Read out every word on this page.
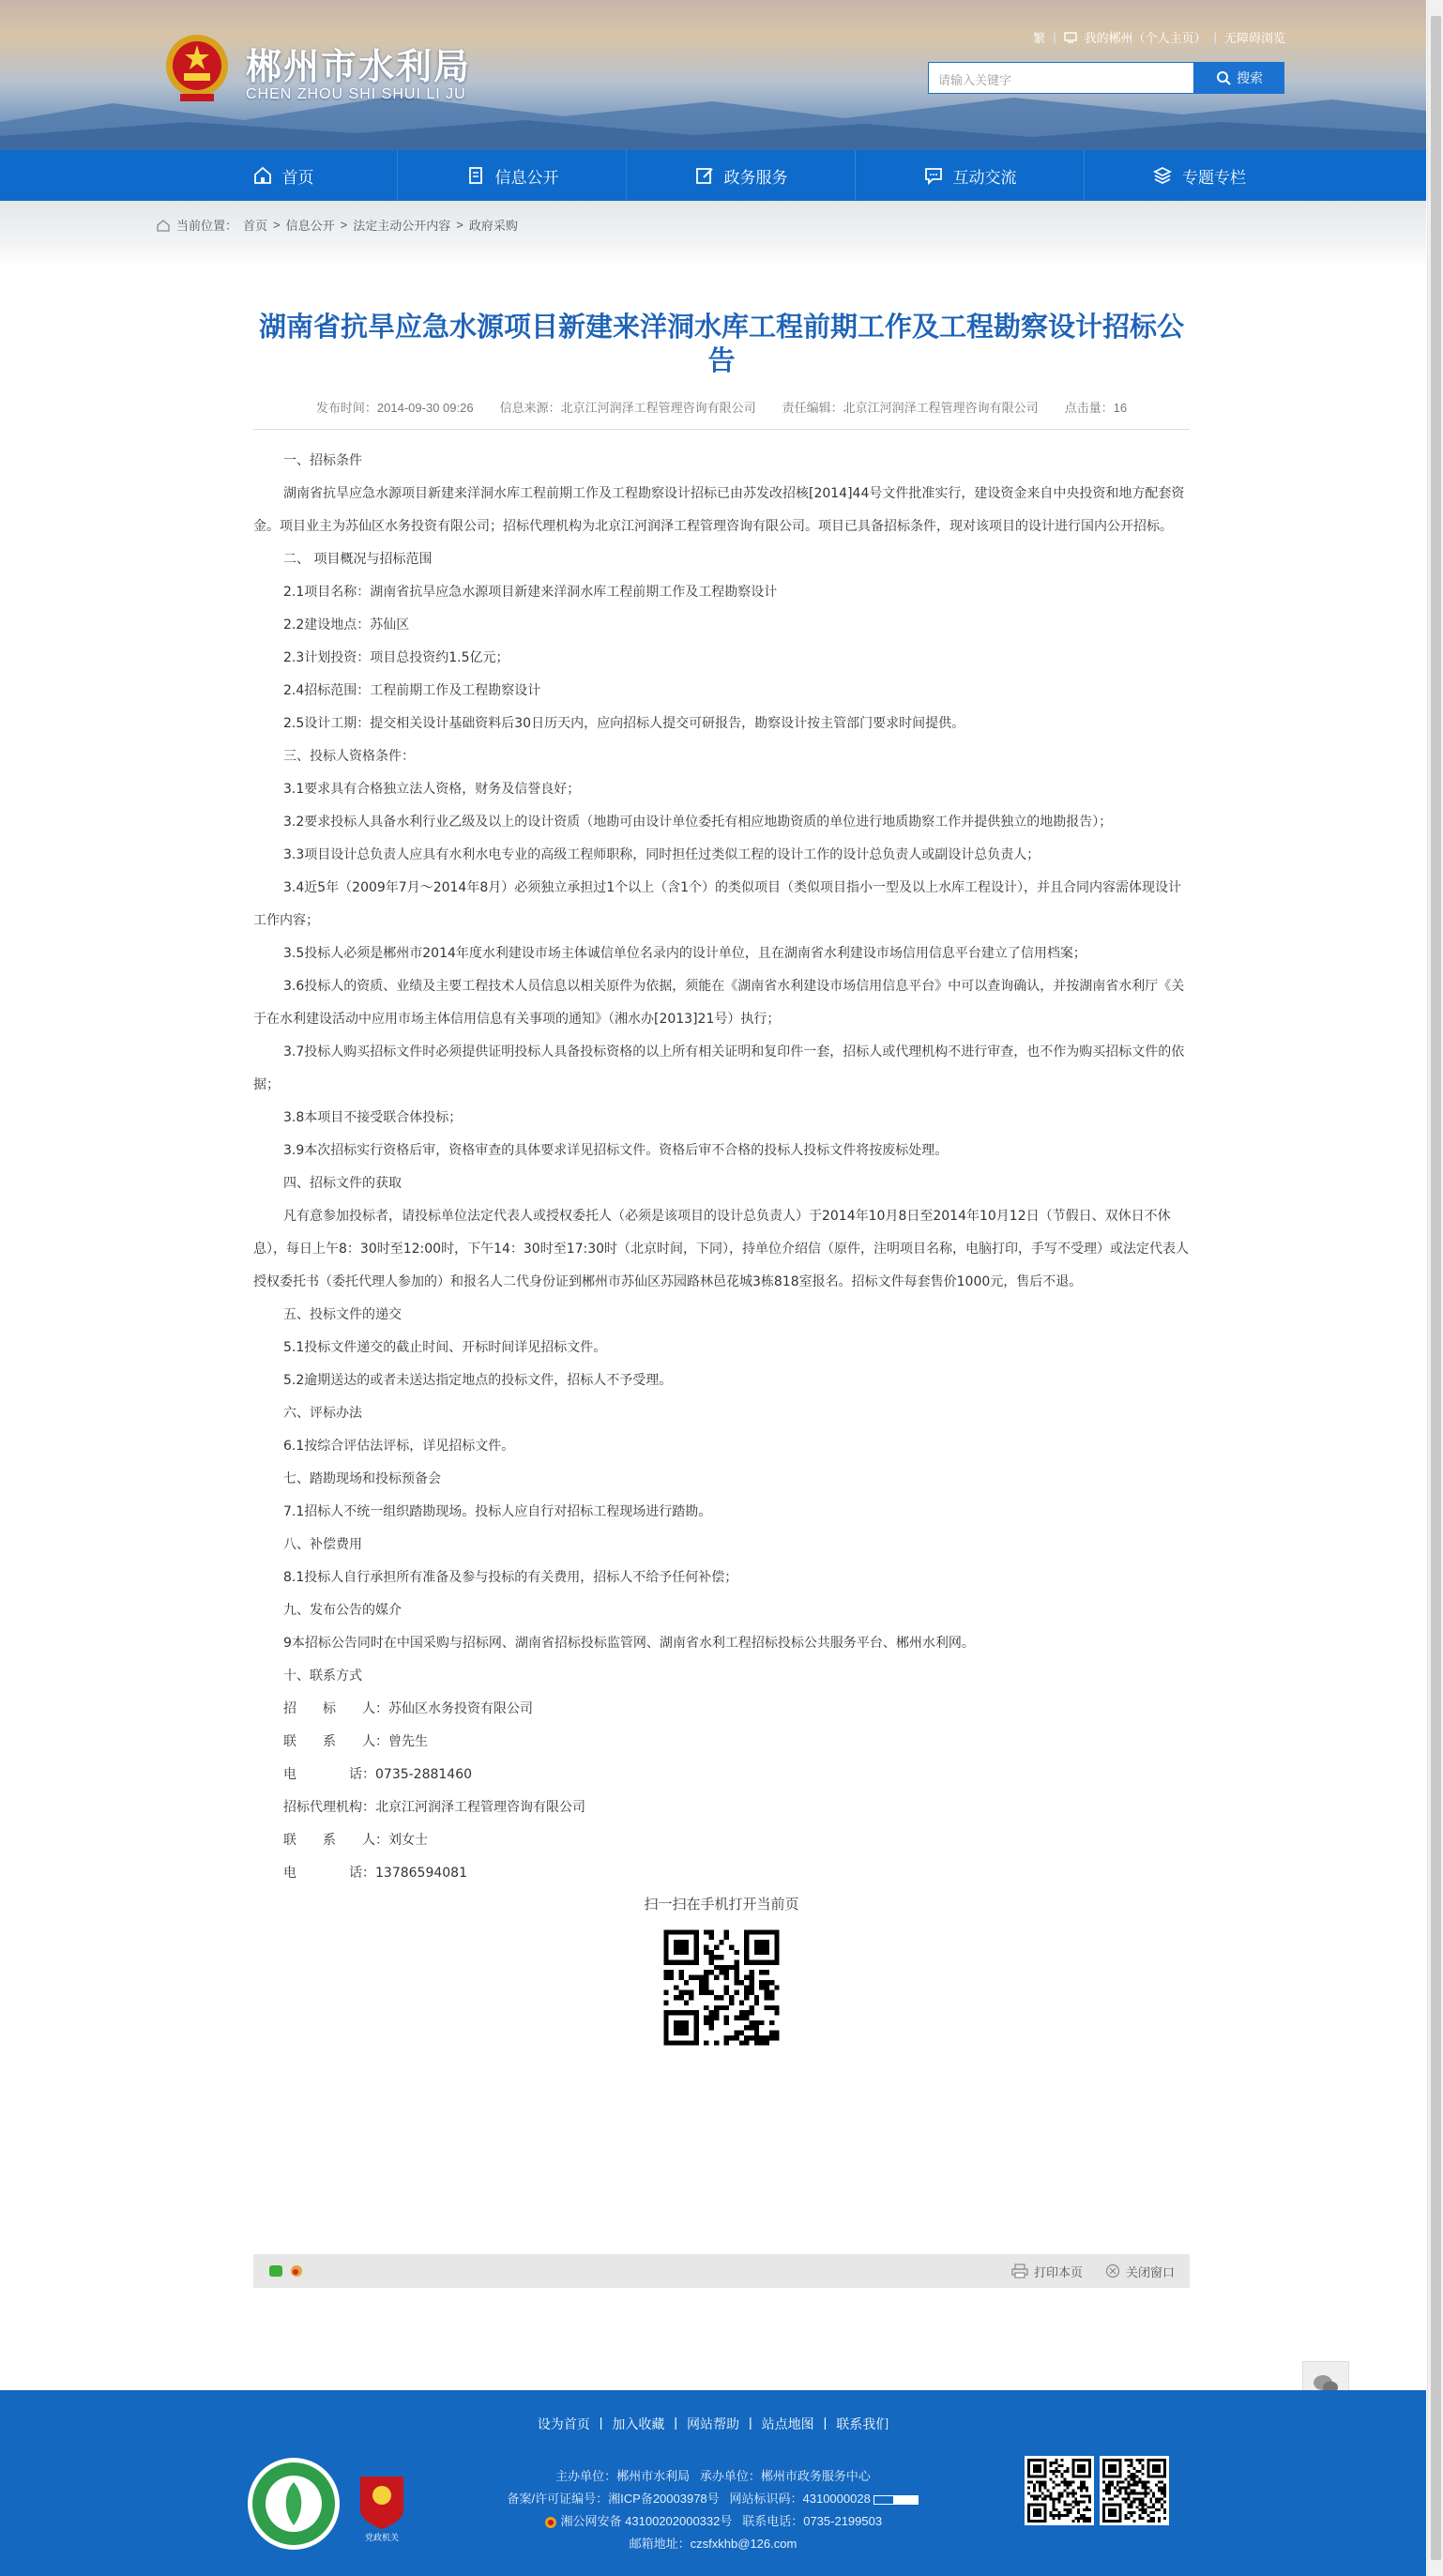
郴州市水利局
CHEN ZHOU SHI SHUI LI JU
繁 | 我的郴州（个人主页） | 无障碍浏览
请输入关键字	搜索
首页	信息公开	政务服务	互动交流	专题专栏
当前位置： 首页 > 信息公开 > 法定主动公开内容 > 政府采购
湖南省抗旱应急水源项目新建来洋洞水库工程前期工作及工程勘察设计招标公告
发布时间：2014-09-30 09:26 信息来源：北京江河润泽工程管理咨询有限公司 责任编辑：北京江河润泽工程管理咨询有限公司 点击量：16

一、招标条件

湖南省抗旱应急水源项目新建来洋洞水库工程前期工作及工程勘察设计招标已由苏发改招核[2014]44号文件批准实行，建设资金来自中央投资和地方配套资金。项目业主为苏仙区水务投资有限公司；招标代理机构为北京江河润泽工程管理咨询有限公司。项目已具备招标条件，现对该项目的设计进行国内公开招标。

二、 项目概况与招标范围

2.1项目名称：湖南省抗旱应急水源项目新建来洋洞水库工程前期工作及工程勘察设计

2.2建设地点：苏仙区

2.3计划投资：项目总投资约1.5亿元；

2.4招标范围：工程前期工作及工程勘察设计

2.5设计工期：提交相关设计基础资料后30日历天内，应向招标人提交可研报告，勘察设计按主管部门要求时间提供。

三、投标人资格条件：

3.1要求具有合格独立法人资格，财务及信誉良好；

3.2要求投标人具备水利行业乙级及以上的设计资质（地勘可由设计单位委托有相应地勘资质的单位进行地质勘察工作并提供独立的地勘报告）；

3.3项目设计总负责人应具有水利水电专业的高级工程师职称，同时担任过类似工程的设计工作的设计总负责人或副设计总负责人；

3.4近5年（2009年7月～2014年8月）必须独立承担过1个以上（含1个）的类似项目（类似项目指小一型及以上水库工程设计），并且合同内容需体现设计工作内容；

3.5投标人必须是郴州市2014年度水利建设市场主体诚信单位名录内的设计单位，且在湖南省水利建设市场信用信息平台建立了信用档案；

3.6投标人的资质、业绩及主要工程技术人员信息以相关原件为依据，须能在《湖南省水利建设市场信用信息平台》中可以查询确认，并按湖南省水利厅《关于在水利建设活动中应用市场主体信用信息有关事项的通知》（湘水办[2013]21号）执行；

3.7投标人购买招标文件时必须提供证明投标人具备投标资格的以上所有相关证明和复印件一套，招标人或代理机构不进行审查，也不作为购买招标文件的依据；

3.8本项目不接受联合体投标；

3.9本次招标实行资格后审，资格审查的具体要求详见招标文件。资格后审不合格的投标人投标文件将按废标处理。

四、招标文件的获取

凡有意参加投标者，请投标单位法定代表人或授权委托人（必须是该项目的设计总负责人）于2014年10月8日至2014年10月12日（节假日、双休日不休息），每日上午8：30时至12:00时，下午14：30时至17:30时（北京时间，下同），持单位介绍信（原件，注明项目名称，电脑打印，手写不受理）或法定代表人授权委托书（委托代理人参加的）和报名人二代身份证到郴州市苏仙区苏园路林邑花城3栋818室报名。招标文件每套售价1000元，售后不退。

五、投标文件的递交

5.1投标文件递交的截止时间、开标时间详见招标文件。

5.2逾期送达的或者未送达指定地点的投标文件，招标人不予受理。

六、评标办法

6.1按综合评估法评标，详见招标文件。

七、踏勘现场和投标预备会

7.1招标人不统一组织踏勘现场。投标人应自行对招标工程现场进行踏勘。

八、补偿费用

8.1投标人自行承担所有准备及参与投标的有关费用，招标人不给予任何补偿；

九、发布公告的媒介

9本招标公告同时在中国采购与招标网、湖南省招标投标监管网、湖南省水利工程招标投标公共服务平台、郴州水利网。

十、联系方式

招　　标　　人：苏仙区水务投资有限公司

联　　系　　人：曾先生

电　　　　话：0735-2881460

招标代理机构：北京江河润泽工程管理咨询有限公司

联　　系　　人：刘女士

电　　　　话：13786594081

扫一扫在手机打开当前页
打印本页	关闭窗口
设为首页 | 加入收藏 | 网站帮助 | 站点地图 | 联系我们
党政机关
主办单位：郴州市水利局 承办单位：郴州市政务服务中心
备案/许可证编号：湘ICP备20003978号 网站标识码：4310000028
湘公网安备 43100202000332号 联系电话：0735-2199503
邮箱地址：czsfxkhb@126.com
